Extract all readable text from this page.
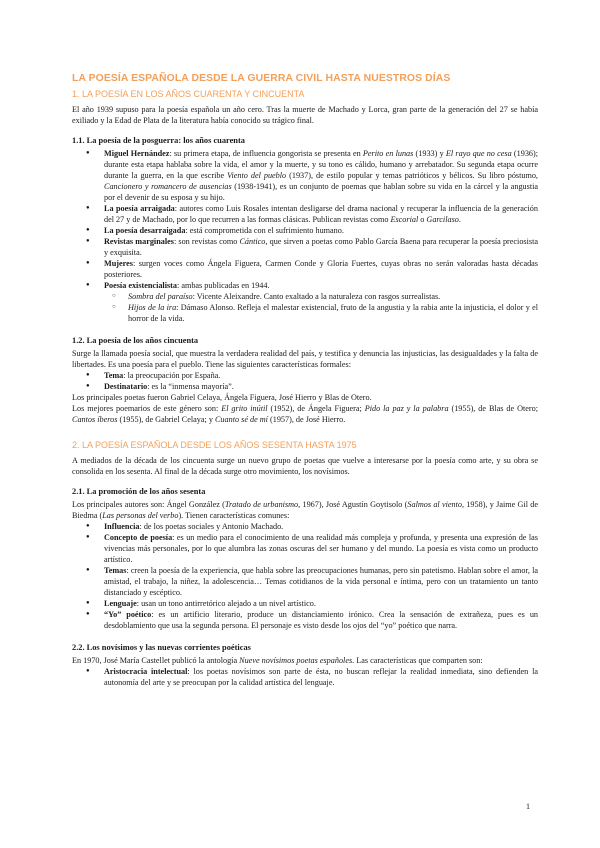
LA POESÍA ESPAÑOLA DESDE LA GUERRA CIVIL HASTA NUESTROS DÍAS
1. LA POESÍA EN LOS AÑOS CUARENTA Y CINCUENTA

El año 1939 supuso para la poesía española un año cero. Tras la muerte de Machado y Lorca, gran parte de la generación del 27 se había exiliado y la Edad de Plata de la literatura había conocido su trágico final.

1.1. La poesía de la posguerra: los años cuarenta
● Miguel Hernández: su primera etapa, de influencia gongorista se presenta en Perito en lunas (1933) y El rayo que no cesa (1936); durante esta etapa hablaba sobre la vida, el amor y la muerte, y su tono es cálido, humano y arrebatador. Su segunda etapa ocurre durante la guerra, en la que escribe Viento del pueblo (1937), de estilo popular y temas patrióticos y bélicos. Su libro póstumo, Cancionero y romancero de ausencias (1938-1941), es un conjunto de poemas que hablan sobre su vida en la cárcel y la angustia por el devenir de su esposa y su hijo.
● La poesía arraigada: autores como Luis Rosales intentan desligarse del drama nacional y recuperar la influencia de la generación del 27 y de Machado, por lo que recurren a las formas clásicas. Publican revistas como Escorial o Garcilaso.
● La poesía desarraigada: está comprometida con el sufrimiento humano.
● Revistas marginales: son revistas como Cántico, que sirven a poetas como Pablo García Baena para recuperar la poesía preciosista y exquisita.
● Mujeres: surgen voces como Ángela Figuera, Carmen Conde y Gloria Fuertes, cuyas obras no serán valoradas hasta décadas posteriores.
● Poesía existencialista: ambas publicadas en 1944.
○ Sombra del paraíso: Vicente Aleixandre. Canto exaltado a la naturaleza con rasgos surrealistas.
○ Hijos de la ira: Dámaso Alonso. Refleja el malestar existencial, fruto de la angustia y la rabia ante la injusticia, el dolor y el horror de la vida.
1.2. La poesía de los años cincuenta

Surge la llamada poesía social, que muestra la verdadera realidad del país, y testifica y denuncia las injusticias, las desigualdades y la falta de libertades. Es una poesía para el pueblo. Tiene las siguientes características formales:

● Tema: la preocupación por España.
● Destinatario: es la “inmensa mayoría”.

Los principales poetas fueron Gabriel Celaya, Ángela Figuera, José Hierro y Blas de Otero.

Los mejores poemarios de este género son: El grito inútil (1952), de Ángela Figuera; Pido la paz y la palabra (1955), de Blas de Otero; Cantos íberos (1955), de Gabriel Celaya; y Cuanto sé de mí (1957), de José Hierro.

2. LA POESÍA ESPAÑOLA DESDE LOS AÑOS SESENTA HASTA 1975

A mediados de la década de los cincuenta surge un nuevo grupo de poetas que vuelve a interesarse por la poesía como arte, y su obra se consolida en los sesenta. Al final de la década surge otro movimiento, los novísimos.

2.1. La promoción de los años sesenta

Los principales autores son: Ángel González (Tratado de urbanismo, 1967), José Agustín Goytisolo (Salmos al viento, 1958), y Jaime Gil de Biedma (Las personas del verbo). Tienen características comunes:

● Influencia: de los poetas sociales y Antonio Machado.
● Concepto de poesía: es un medio para el conocimiento de una realidad más compleja y profunda, y presenta una expresión de las vivencias más personales, por lo que alumbra las zonas oscuras del ser humano y del mundo. La poesía es vista como un producto artístico.
● Temas: creen la poesía de la experiencia, que habla sobre las preocupaciones humanas, pero sin patetismo. Hablan sobre el amor, la amistad, el trabajo, la niñez, la adolescencia… Temas cotidianos de la vida personal e íntima, pero con un tratamiento un tanto distanciado y escéptico.
● Lenguaje: usan un tono antirretórico alejado a un nivel artístico.
● “Yo” poético: es un artificio literario, produce un distanciamiento irónico. Crea la sensación de extrañeza, pues es un desdoblamiento que usa la segunda persona. El personaje es visto desde los ojos del “yo” poético que narra.
2.2. Los novísimos y las nuevas corrientes poéticas

En 1970, José María Castellet publicó la antología Nueve novísimos poetas españoles. Las características que comparten son:

● Aristocracia intelectual: los poetas novísimos son parte de ésta, no buscan reflejar la realidad inmediata, sino defienden la autonomía del arte y se preocupan por la calidad artística del lenguaje.
1
